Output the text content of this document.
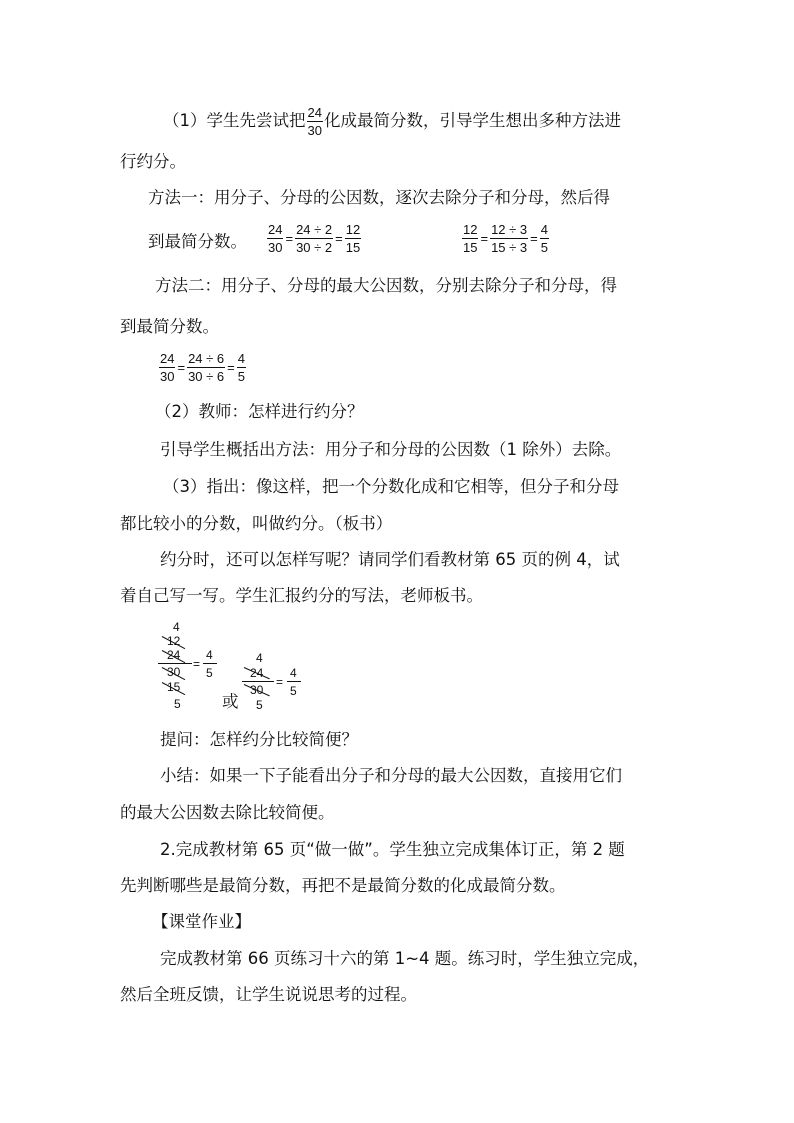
（1）学生先尝试把 $\frac{24}{30}$ 化成最简分数，引导学生想出多种方法进
行约分。
方法一：用分子、分母的公因数，逐次去除分子和分母，然后得
到最简分数。 $\frac{24}{30} = \frac{24 \div 2}{30 \div 2} = \frac{12}{15}$	$\frac{12}{15} = \frac{12 \div 3}{15 \div 3} = \frac{4}{5}$
方法二：用分子、分母的最大公因数，分别去除分子和分母，得
到最简分数。
$\frac{24}{30} = \frac{24 \div 6}{30 \div 6} = \frac{4}{5}$
（2）教师：怎样进行约分？
引导学生概括出方法：用分子和分母的公因数（1 除外）去除。
（3）指出：像这样，把一个分数化成和它相等，但分子和分母
都比较小的分数，叫做约分。（板书）
约分时，还可以怎样写呢？请同学们看教材第 65 页的例 4，试
着自己写一写。学生汇报约分的写法，老师板书。
4
12
24
30
15
5
=
4
5
或
4
24
30
5
=
4
5
提问：怎样约分比较简便？
小结：如果一下子能看出分子和分母的最大公因数，直接用它们
的最大公因数去除比较简便。
2.完成教材第 65 页“做一做”。学生独立完成集体订正，第 2 题
先判断哪些是最简分数，再把不是最简分数的化成最简分数。
【课堂作业】
完成教材第 66 页练习十六的第 1~4 题。练习时，学生独立完成，
然后全班反馈，让学生说说思考的过程。
